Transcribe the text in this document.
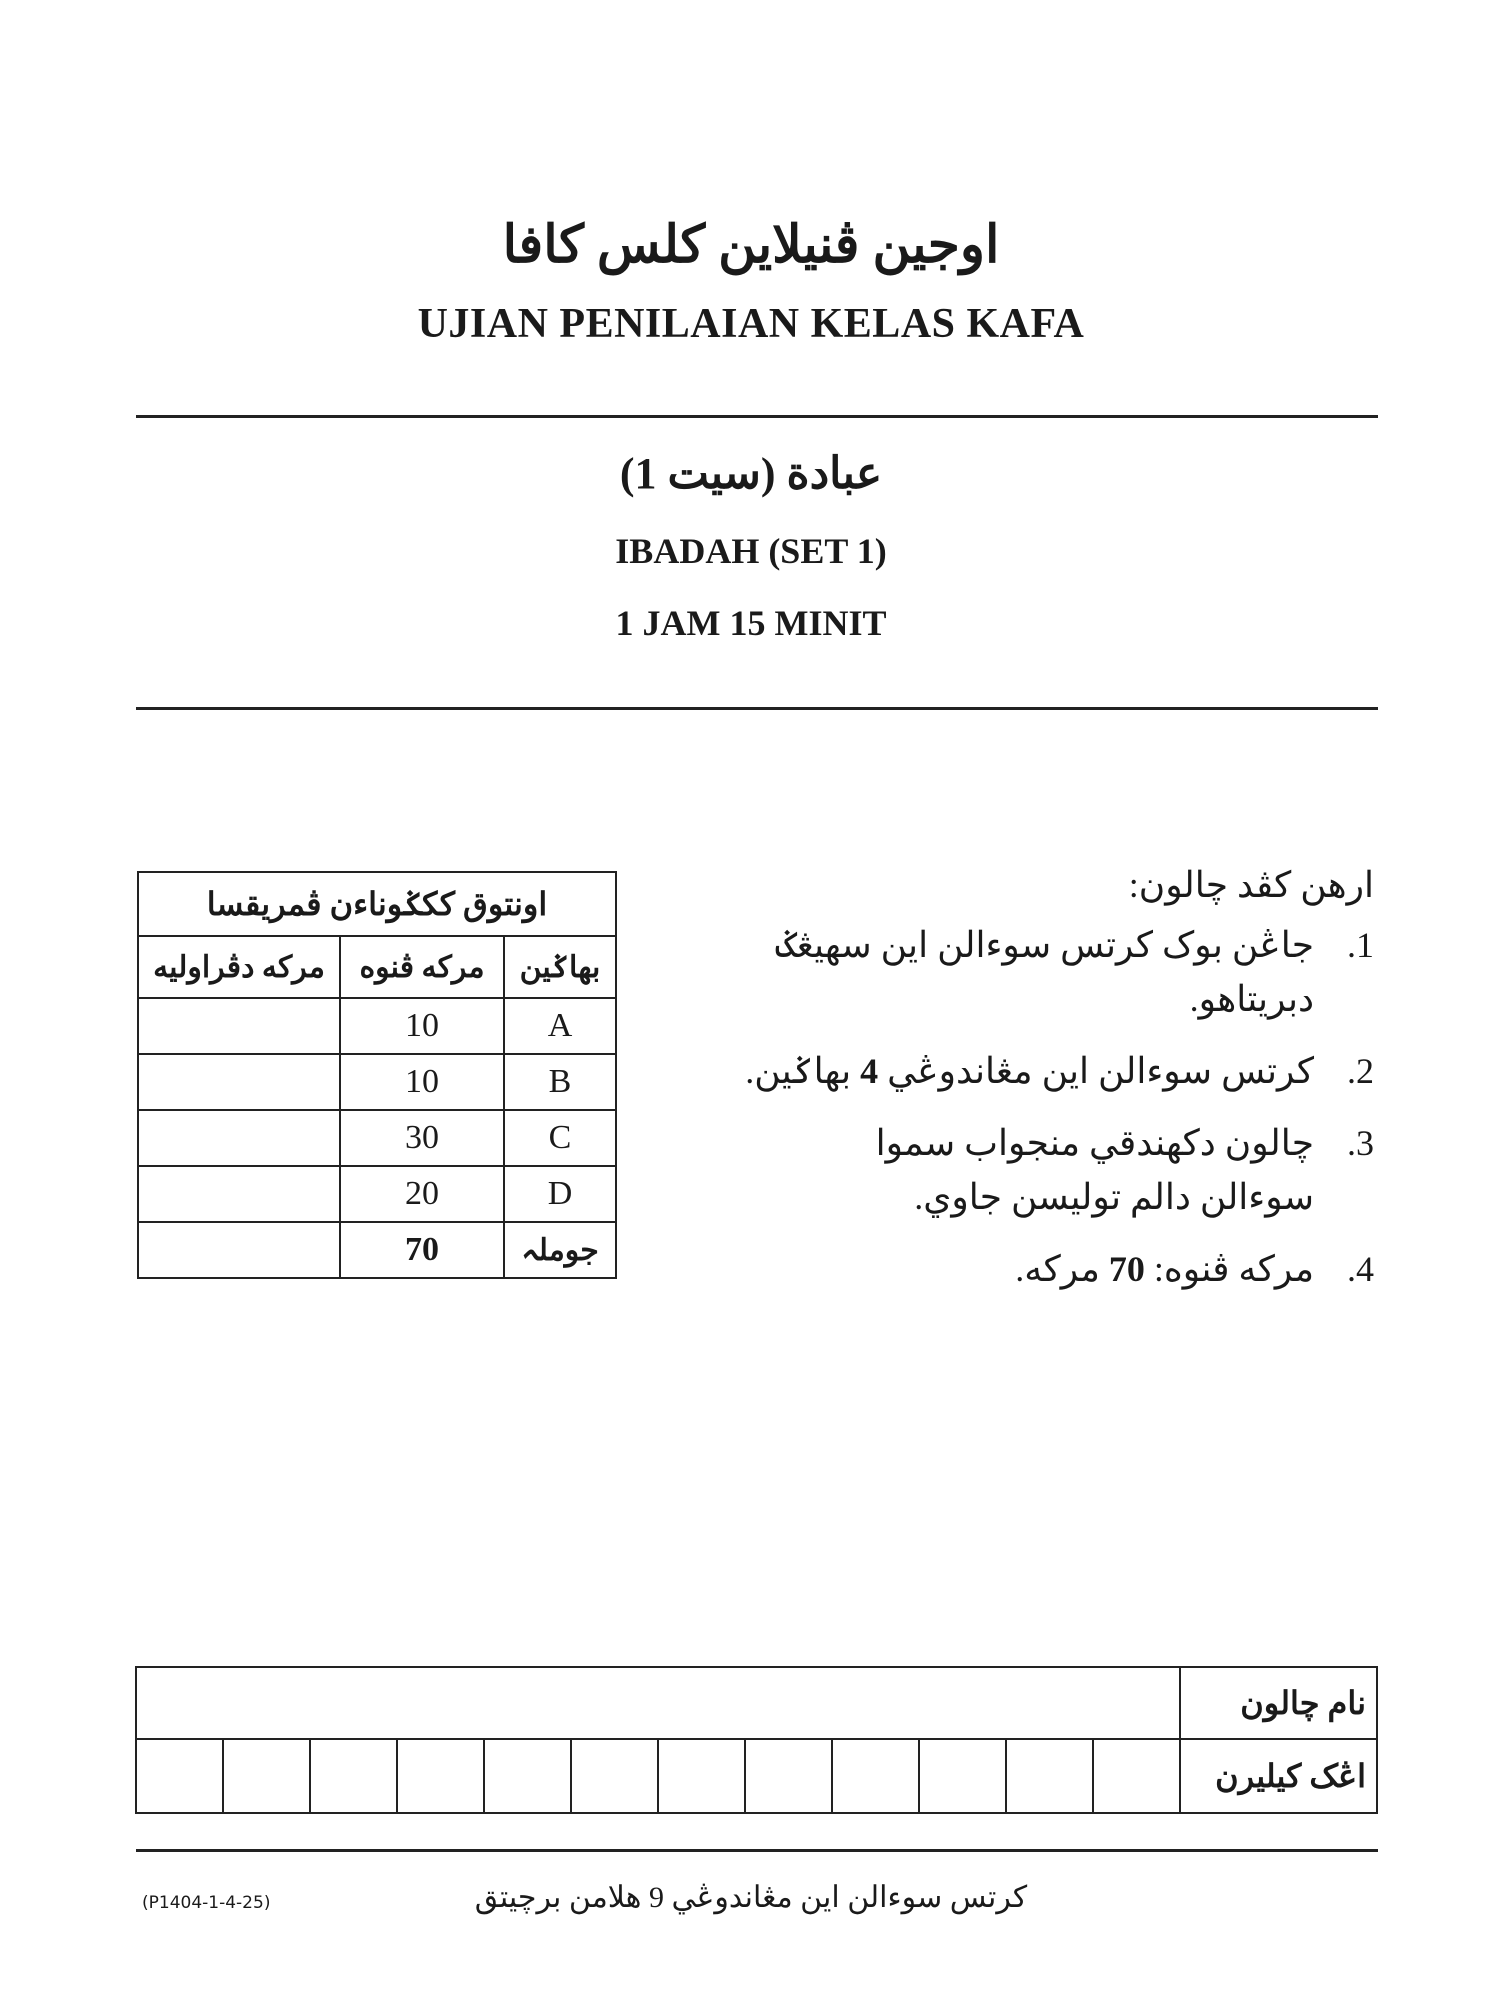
اوجين ڤنيلاين كلس كافا
UJIAN PENILAIAN KELAS KAFA
عبادة (سيت 1)
IBADAH (SET 1)
1 JAM 15 MINIT
اونتوق ککݢوناءن ڤمريقسا		
مركه دڤراوليه	مركه ڤنوه	بهاݢين
	10	A
	10	B
	30	C
	20	D
	70	جوملہ
ارهن كڤد چالون:
1.
جاڠن بوک كرتس سوءالن اين سهيڠݢ دبريتاهو.
2.
كرتس سوءالن اين مڠاندوڠي 4 بهاݢين.
3.
چالون دکهندقي منجواب سموا سوءالن دالم توليسن جاوي.
4.
مركه ڤنوه: 70 مركه.
												نام چالون
												اڠک کيليرن
(P1404-1-4-25)	كرتس سوءالن اين مڠاندوڠي 9 هلامن برچيتق
